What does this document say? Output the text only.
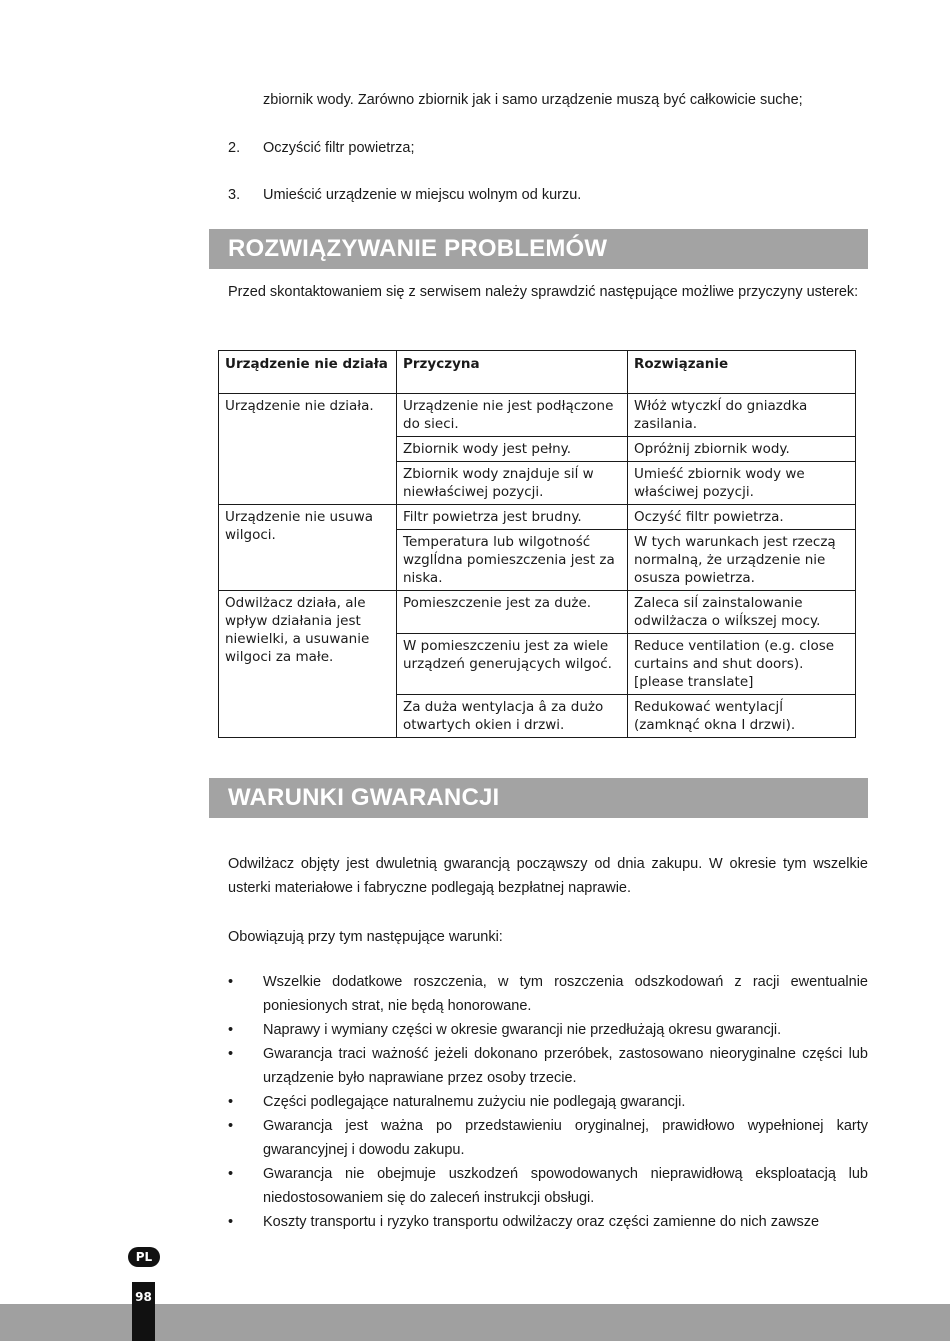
zbiornik wody. Zarówno zbiornik jak i samo urządzenie muszą być całkowicie suche;
2. Oczyścić filtr powietrza;
3. Umieścić urządzenie w miejscu wolnym od kurzu.
ROZWIĄZYWANIE PROBLEMÓW
Przed skontaktowaniem się z serwisem należy sprawdzić następujące możliwe przyczyny usterek:
Urządzenie nie działa	Przyczyna	Rozwiązanie
Urządzenie nie działa.	Urządzenie nie jest podłączone do sieci.	Włóż wtyczkĺ do gniazdka zasilania.
	Zbiornik wody jest pełny.	Opróżnij zbiornik wody.
	Zbiornik wody znajduje siĺ w niewłaściwej pozycji.	Umieść zbiornik wody we właściwej pozycji.
Urządzenie nie usuwa wilgoci.	Filtr powietrza jest brudny.	Oczyść filtr powietrza.
	Temperatura lub wilgotność wzglĺdna pomieszczenia jest za niska.	W tych warunkach jest rzeczą normalną, że urządzenie nie osusza powietrza.
Odwilżacz działa, ale wpływ działania jest niewielki, a usuwanie wilgoci za małe.	Pomieszczenie jest za duże.	Zaleca siĺ zainstalowanie odwilżacza o wiĺkszej mocy.
	W pomieszczeniu jest za wiele urządzeń generujących wilgoć.	Reduce ventilation (e.g. close curtains and shut doors). [please translate]
	Za duża wentylacja â za dużo otwartych okien i drzwi.	Redukować wentylacjĺ (zamknąć okna I drzwi).
WARUNKI GWARANCJI
Odwilżacz objęty jest dwuletnią gwarancją począwszy od dnia zakupu. W okresie tym wszelkie usterki materiałowe i fabryczne podlegają bezpłatnej naprawie.
Obowiązują przy tym następujące warunki:
• Wszelkie dodatkowe roszczenia, w tym roszczenia odszkodowań z racji ewentualnie poniesionych strat, nie będą honorowane.
• Naprawy i wymiany części w okresie gwarancji nie przedłużają okresu gwarancji.
• Gwarancja traci ważność jeżeli dokonano przeróbek, zastosowano nieoryginalne części lub urządzenie było naprawiane przez osoby trzecie.
• Części podlegające naturalnemu zużyciu nie podlegają gwarancji.
• Gwarancja jest ważna po przedstawieniu oryginalnej, prawidłowo wypełnionej karty gwarancyjnej i dowodu zakupu.
• Gwarancja nie obejmuje uszkodzeń spowodowanych nieprawidłową eksploatacją lub niedostosowaniem się do zaleceń instrukcji obsługi.
• Koszty transportu i ryzyko transportu odwilżaczy oraz części zamienne do nich zawsze
PL
98
